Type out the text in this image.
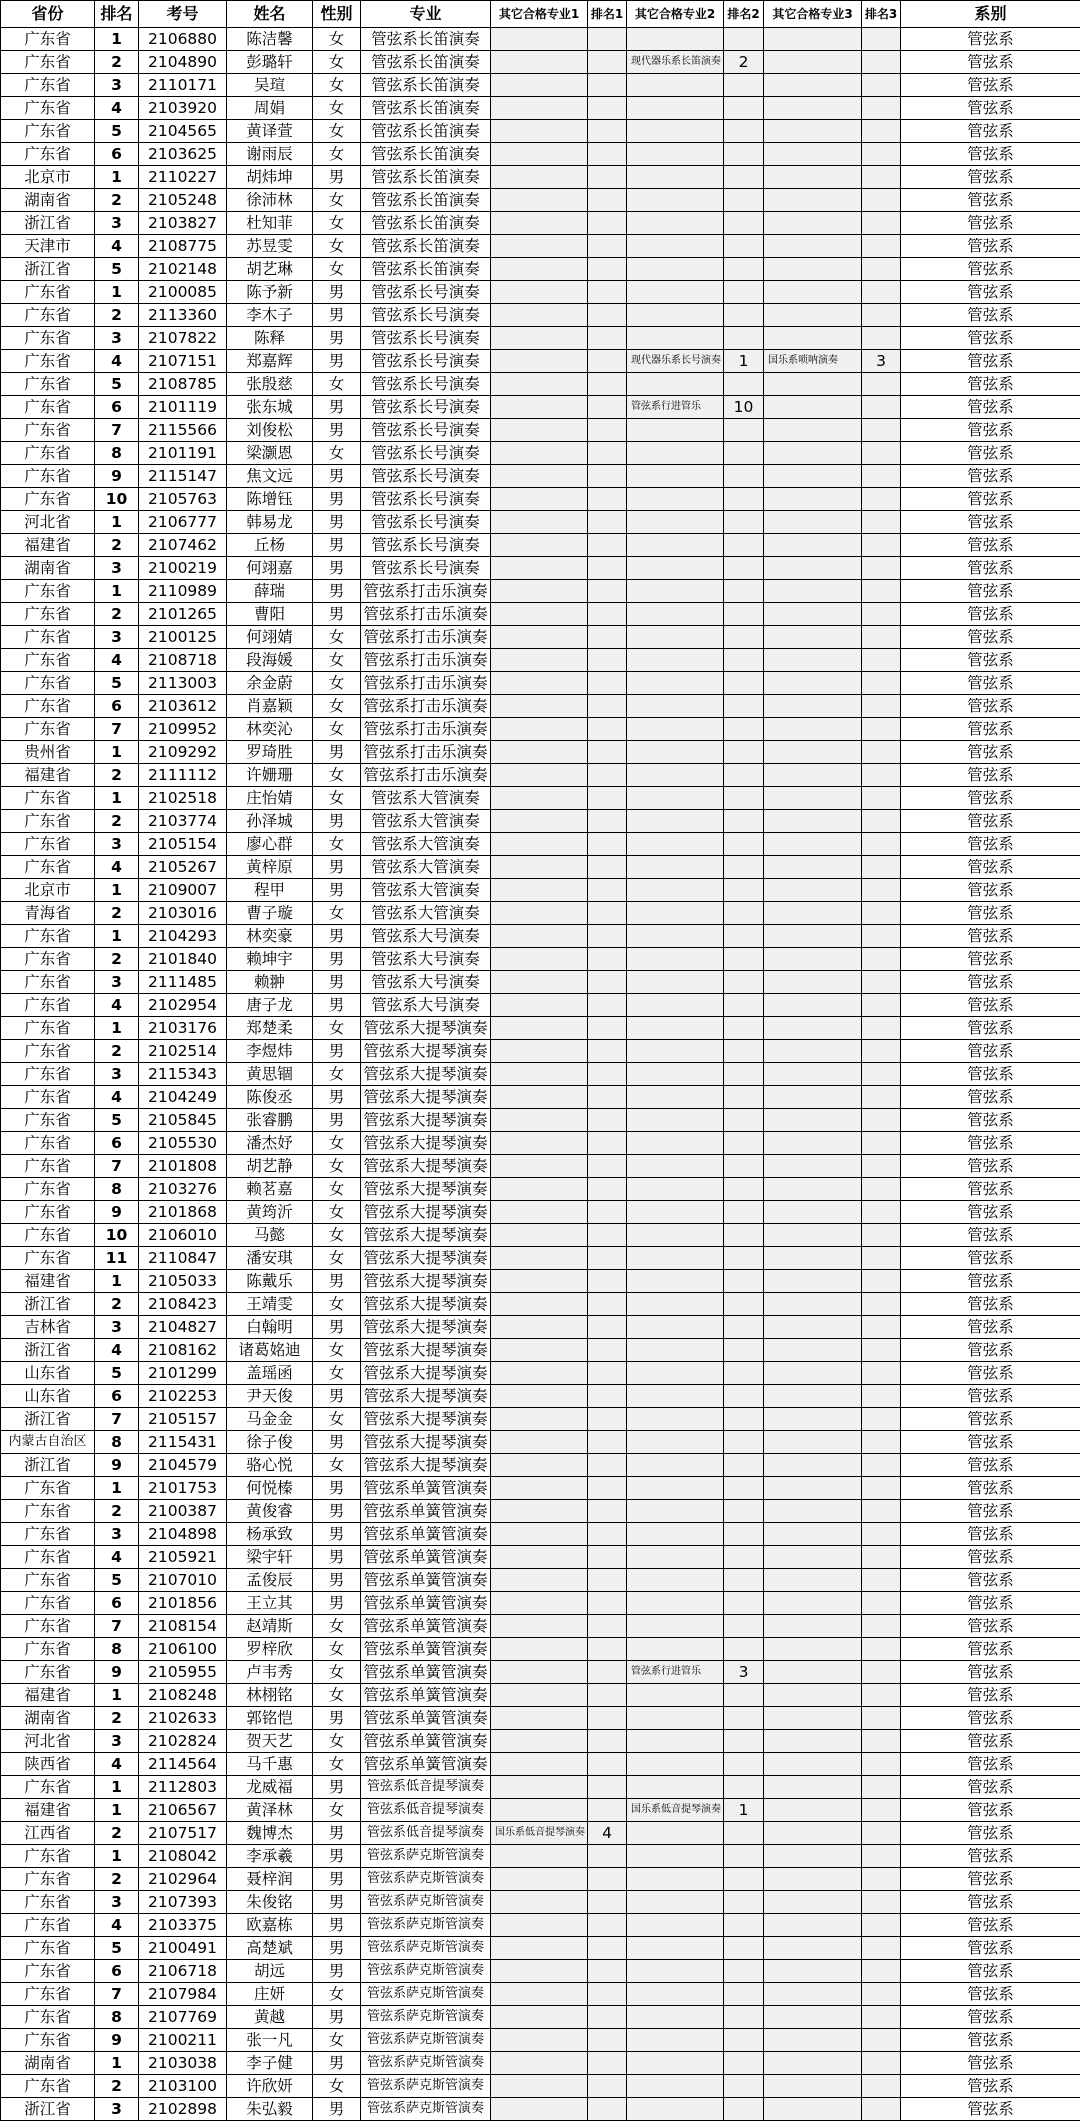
省份	排名	考号	姓名	性别	专业	其它合格专业1	排名1	其它合格专业2	排名2	其它合格专业3	排名3	系别
广东省	1	2106880	陈洁馨	女	管弦系长笛演奏							管弦系
广东省	2	2104890	彭璐轩	女	管弦系长笛演奏			现代器乐系长笛演奏	2			管弦系
广东省	3	2110171	吴瑄	女	管弦系长笛演奏							管弦系
广东省	4	2103920	周娟	女	管弦系长笛演奏							管弦系
广东省	5	2104565	黄译萱	女	管弦系长笛演奏							管弦系
广东省	6	2103625	谢雨辰	女	管弦系长笛演奏							管弦系
北京市	1	2110227	胡炜坤	男	管弦系长笛演奏							管弦系
湖南省	2	2105248	徐沛林	女	管弦系长笛演奏							管弦系
浙江省	3	2103827	杜知菲	女	管弦系长笛演奏							管弦系
天津市	4	2108775	苏昱雯	女	管弦系长笛演奏							管弦系
浙江省	5	2102148	胡艺琳	女	管弦系长笛演奏							管弦系
广东省	1	2100085	陈予新	男	管弦系长号演奏							管弦系
广东省	2	2113360	李木子	男	管弦系长号演奏							管弦系
广东省	3	2107822	陈释	男	管弦系长号演奏							管弦系
广东省	4	2107151	郑嘉辉	男	管弦系长号演奏			现代器乐系长号演奏	1	国乐系唢呐演奏	3	管弦系
广东省	5	2108785	张殷慈	女	管弦系长号演奏							管弦系
广东省	6	2101119	张东城	男	管弦系长号演奏			管弦系行进管乐	10			管弦系
广东省	7	2115566	刘俊松	男	管弦系长号演奏							管弦系
广东省	8	2101191	梁灏恩	女	管弦系长号演奏							管弦系
广东省	9	2115147	焦文远	男	管弦系长号演奏							管弦系
广东省	10	2105763	陈增钰	男	管弦系长号演奏							管弦系
河北省	1	2106777	韩易龙	男	管弦系长号演奏							管弦系
福建省	2	2107462	丘杨	男	管弦系长号演奏							管弦系
湖南省	3	2100219	何翊嘉	男	管弦系长号演奏							管弦系
广东省	1	2110989	薛瑞	男	管弦系打击乐演奏							管弦系
广东省	2	2101265	曹阳	男	管弦系打击乐演奏							管弦系
广东省	3	2100125	何翊婧	女	管弦系打击乐演奏							管弦系
广东省	4	2108718	段海媛	女	管弦系打击乐演奏							管弦系
广东省	5	2113003	余金蔚	女	管弦系打击乐演奏							管弦系
广东省	6	2103612	肖嘉颖	女	管弦系打击乐演奏							管弦系
广东省	7	2109952	林奕沁	女	管弦系打击乐演奏							管弦系
贵州省	1	2109292	罗琦胜	男	管弦系打击乐演奏							管弦系
福建省	2	2111112	许姗珊	女	管弦系打击乐演奏							管弦系
广东省	1	2102518	庄怡婧	女	管弦系大管演奏							管弦系
广东省	2	2103774	孙泽城	男	管弦系大管演奏							管弦系
广东省	3	2105154	廖心群	女	管弦系大管演奏							管弦系
广东省	4	2105267	黄梓原	男	管弦系大管演奏							管弦系
北京市	1	2109007	程甲	男	管弦系大管演奏							管弦系
青海省	2	2103016	曹子璇	女	管弦系大管演奏							管弦系
广东省	1	2104293	林奕豪	男	管弦系大号演奏							管弦系
广东省	2	2101840	赖坤宇	男	管弦系大号演奏							管弦系
广东省	3	2111485	赖翀	男	管弦系大号演奏							管弦系
广东省	4	2102954	唐子龙	男	管弦系大号演奏							管弦系
广东省	1	2103176	郑楚柔	女	管弦系大提琴演奏							管弦系
广东省	2	2102514	李煜炜	男	管弦系大提琴演奏							管弦系
广东省	3	2115343	黄思锢	女	管弦系大提琴演奏							管弦系
广东省	4	2104249	陈俊丞	男	管弦系大提琴演奏							管弦系
广东省	5	2105845	张睿鹏	男	管弦系大提琴演奏							管弦系
广东省	6	2105530	潘杰妤	女	管弦系大提琴演奏							管弦系
广东省	7	2101808	胡艺静	女	管弦系大提琴演奏							管弦系
广东省	8	2103276	赖茗嘉	女	管弦系大提琴演奏							管弦系
广东省	9	2101868	黄筠沂	女	管弦系大提琴演奏							管弦系
广东省	10	2106010	马懿	女	管弦系大提琴演奏							管弦系
广东省	11	2110847	潘安琪	女	管弦系大提琴演奏							管弦系
福建省	1	2105033	陈戴乐	男	管弦系大提琴演奏							管弦系
浙江省	2	2108423	王靖雯	女	管弦系大提琴演奏							管弦系
吉林省	3	2104827	白翰明	男	管弦系大提琴演奏							管弦系
浙江省	4	2108162	诸葛姳迪	女	管弦系大提琴演奏							管弦系
山东省	5	2101299	盖瑶函	女	管弦系大提琴演奏							管弦系
山东省	6	2102253	尹天俊	男	管弦系大提琴演奏							管弦系
浙江省	7	2105157	马金金	女	管弦系大提琴演奏							管弦系
内蒙古自治区	8	2115431	徐子俊	男	管弦系大提琴演奏							管弦系
浙江省	9	2104579	骆心悦	女	管弦系大提琴演奏							管弦系
广东省	1	2101753	何悦榛	男	管弦系单簧管演奏							管弦系
广东省	2	2100387	黄俊睿	男	管弦系单簧管演奏							管弦系
广东省	3	2104898	杨承致	男	管弦系单簧管演奏							管弦系
广东省	4	2105921	梁宇轩	男	管弦系单簧管演奏							管弦系
广东省	5	2107010	孟俊辰	男	管弦系单簧管演奏							管弦系
广东省	6	2101856	王立其	男	管弦系单簧管演奏							管弦系
广东省	7	2108154	赵靖斯	女	管弦系单簧管演奏							管弦系
广东省	8	2106100	罗梓欣	女	管弦系单簧管演奏							管弦系
广东省	9	2105955	卢韦秀	女	管弦系单簧管演奏			管弦系行进管乐	3			管弦系
福建省	1	2108248	林栩铭	女	管弦系单簧管演奏							管弦系
湖南省	2	2102633	郭铭恺	男	管弦系单簧管演奏							管弦系
河北省	3	2102824	贺天艺	女	管弦系单簧管演奏							管弦系
陕西省	4	2114564	马千惠	女	管弦系单簧管演奏							管弦系
广东省	1	2112803	龙威福	男	管弦系低音提琴演奏							管弦系
福建省	1	2106567	黄泽林	女	管弦系低音提琴演奏			国乐系低音提琴演奏	1			管弦系
江西省	2	2107517	魏博杰	男	管弦系低音提琴演奏	国乐系低音提琴演奏	4					管弦系
广东省	1	2108042	李承羲	男	管弦系萨克斯管演奏							管弦系
广东省	2	2102964	聂梓润	男	管弦系萨克斯管演奏							管弦系
广东省	3	2107393	朱俊铭	男	管弦系萨克斯管演奏							管弦系
广东省	4	2103375	欧嘉栋	男	管弦系萨克斯管演奏							管弦系
广东省	5	2100491	高楚斌	男	管弦系萨克斯管演奏							管弦系
广东省	6	2106718	胡远	男	管弦系萨克斯管演奏							管弦系
广东省	7	2107984	庄妍	女	管弦系萨克斯管演奏							管弦系
广东省	8	2107769	黄越	男	管弦系萨克斯管演奏							管弦系
广东省	9	2100211	张一凡	女	管弦系萨克斯管演奏							管弦系
湖南省	1	2103038	李子健	男	管弦系萨克斯管演奏							管弦系
广东省	2	2103100	许欣妍	女	管弦系萨克斯管演奏							管弦系
浙江省	3	2102898	朱弘毅	男	管弦系萨克斯管演奏							管弦系
